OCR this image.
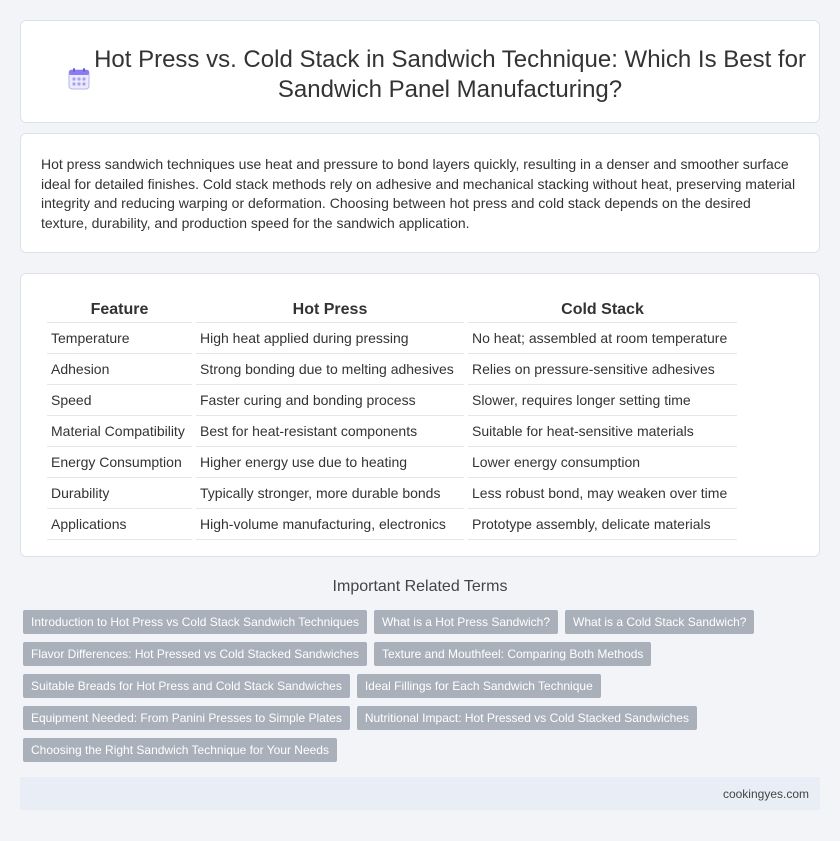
Hot Press vs. Cold Stack in Sandwich Technique: Which Is Best for Sandwich Panel Manufacturing?

Hot press sandwich techniques use heat and pressure to bond layers quickly, resulting in a denser and smoother surface ideal for detailed finishes. Cold stack methods rely on adhesive and mechanical stacking without heat, preserving material integrity and reducing warping or deformation. Choosing between hot press and cold stack depends on the desired texture, durability, and production speed for the sandwich application.

Feature	Hot Press	Cold Stack
Temperature	High heat applied during pressing	No heat; assembled at room temperature
Adhesion	Strong bonding due to melting adhesives	Relies on pressure-sensitive adhesives
Speed	Faster curing and bonding process	Slower, requires longer setting time
Material Compatibility	Best for heat-resistant components	Suitable for heat-sensitive materials
Energy Consumption	Higher energy use due to heating	Lower energy consumption
Durability	Typically stronger, more durable bonds	Less robust bond, may weaken over time
Applications	High-volume manufacturing, electronics	Prototype assembly, delicate materials
Important Related Terms
Introduction to Hot Press vs Cold Stack Sandwich Techniques	What is a Hot Press Sandwich?	What is a Cold Stack Sandwich?
Flavor Differences: Hot Pressed vs Cold Stacked Sandwiches	Texture and Mouthfeel: Comparing Both Methods
Suitable Breads for Hot Press and Cold Stack Sandwiches	Ideal Fillings for Each Sandwich Technique
Equipment Needed: From Panini Presses to Simple Plates	Nutritional Impact: Hot Pressed vs Cold Stacked Sandwiches
Choosing the Right Sandwich Technique for Your Needs
cookingyes.com
